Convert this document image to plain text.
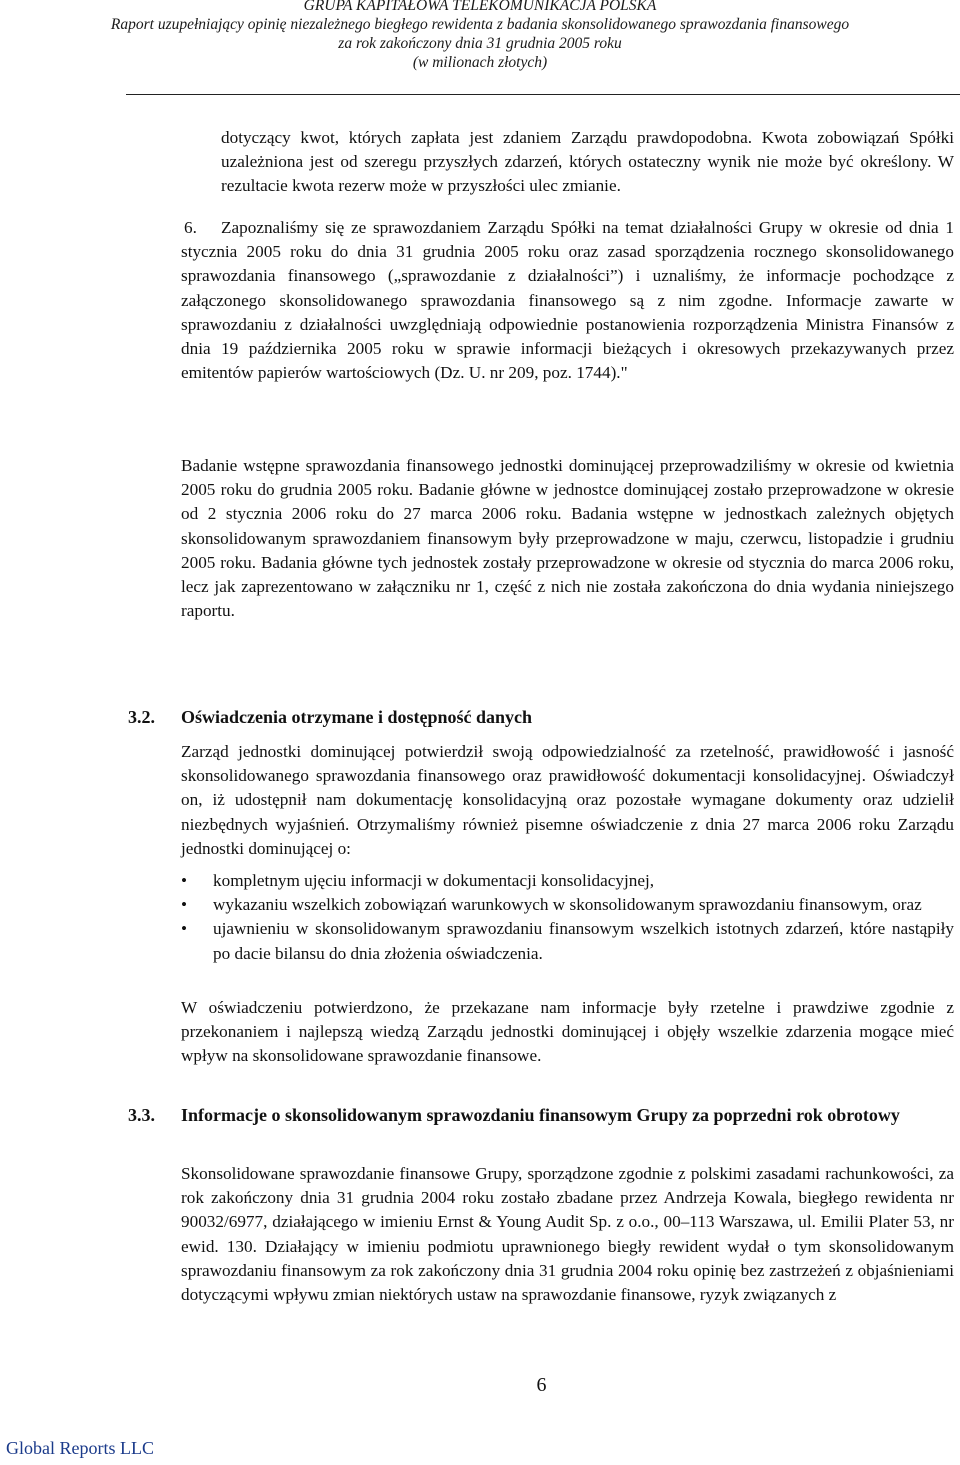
GRUPA KAPITAŁOWA TELEKOMUNIKACJA POLSKA
Raport uzupełniający opinię niezależnego biegłego rewidenta z badania skonsolidowanego sprawozdania finansowego
za rok zakończony dnia 31 grudnia 2005 roku
(w milionach złotych)

dotyczący kwot, których zapłata jest zdaniem Zarządu prawdopodobna. Kwota zobowiązań Spółki uzależniona jest od szeregu przyszłych zdarzeń, których ostateczny wynik nie może być określony. W rezultacie kwota rezerw może w przyszłości ulec zmianie.

6.	Zapoznaliśmy się ze sprawozdaniem Zarządu Spółki na temat działalności Grupy w okresie od dnia 1 stycznia 2005 roku do dnia 31 grudnia 2005 roku oraz zasad sporządzenia rocznego skonsolidowanego sprawozdania finansowego („sprawozdanie z działalności”) i uznaliśmy, że informacje pochodzące z załączonego skonsolidowanego sprawozdania finansowego są z nim zgodne. Informacje zawarte w sprawozdaniu z działalności uwzględniają odpowiednie postanowienia rozporządzenia Ministra Finansów z dnia 19 października 2005 roku w sprawie informacji bieżących i okresowych przekazywanych przez emitentów papierów wartościowych (Dz. U. nr 209, poz. 1744)."

Badanie wstępne sprawozdania finansowego jednostki dominującej przeprowadziliśmy w okresie od kwietnia 2005 roku do grudnia 2005 roku. Badanie główne w jednostce dominującej zostało przeprowadzone w okresie od 2 stycznia 2006 roku do 27 marca 2006 roku. Badania wstępne w jednostkach zależnych objętych skonsolidowanym sprawozdaniem finansowym były przeprowadzone w maju, czerwcu, listopadzie i grudniu 2005 roku. Badania główne tych jednostek zostały przeprowadzone w okresie od stycznia do marca 2006 roku, lecz jak zaprezentowano w załączniku nr 1, część z nich nie została zakończona do dnia wydania niniejszego raportu.

3.2. Oświadczenia otrzymane i dostępność danych

Zarząd jednostki dominującej potwierdził swoją odpowiedzialność za rzetelność, prawidłowość i jasność skonsolidowanego sprawozdania finansowego oraz prawidłowość dokumentacji konsolidacyjnej. Oświadczył on, iż udostępnił nam dokumentację konsolidacyjną oraz pozostałe wymagane dokumenty oraz udzielił niezbędnych wyjaśnień. Otrzymaliśmy również pisemne oświadczenie z dnia 27 marca 2006 roku Zarządu jednostki dominującej o:

• kompletnym ujęciu informacji w dokumentacji konsolidacyjnej,
• wykazaniu wszelkich zobowiązań warunkowych w skonsolidowanym sprawozdaniu finansowym, oraz
• ujawnieniu w skonsolidowanym sprawozdaniu finansowym wszelkich istotnych zdarzeń, które nastąpiły po dacie bilansu do dnia złożenia oświadczenia.

W oświadczeniu potwierdzono, że przekazane nam informacje były rzetelne i prawdziwe zgodnie z przekonaniem i najlepszą wiedzą Zarządu jednostki dominującej i objęły wszelkie zdarzenia mogące mieć wpływ na skonsolidowane sprawozdanie finansowe.

3.3. Informacje o skonsolidowanym sprawozdaniu finansowym Grupy za poprzedni rok obrotowy

Skonsolidowane sprawozdanie finansowe Grupy, sporządzone zgodnie z polskimi zasadami rachunkowości, za rok zakończony dnia 31 grudnia 2004 roku zostało zbadane przez Andrzeja Kowala, biegłego rewidenta nr 90032/6977, działającego w imieniu Ernst & Young Audit Sp. z o.o., 00–113 Warszawa, ul. Emilii Plater 53, nr ewid. 130. Działający w imieniu podmiotu uprawnionego biegły rewident wydał o tym skonsolidowanym sprawozdaniu finansowym za rok zakończony dnia 31 grudnia 2004 roku opinię bez zastrzeżeń z objaśnieniami dotyczącymi wpływu zmian niektórych ustaw na sprawozdanie finansowe, ryzyk związanych z

6
Global Reports LLC
